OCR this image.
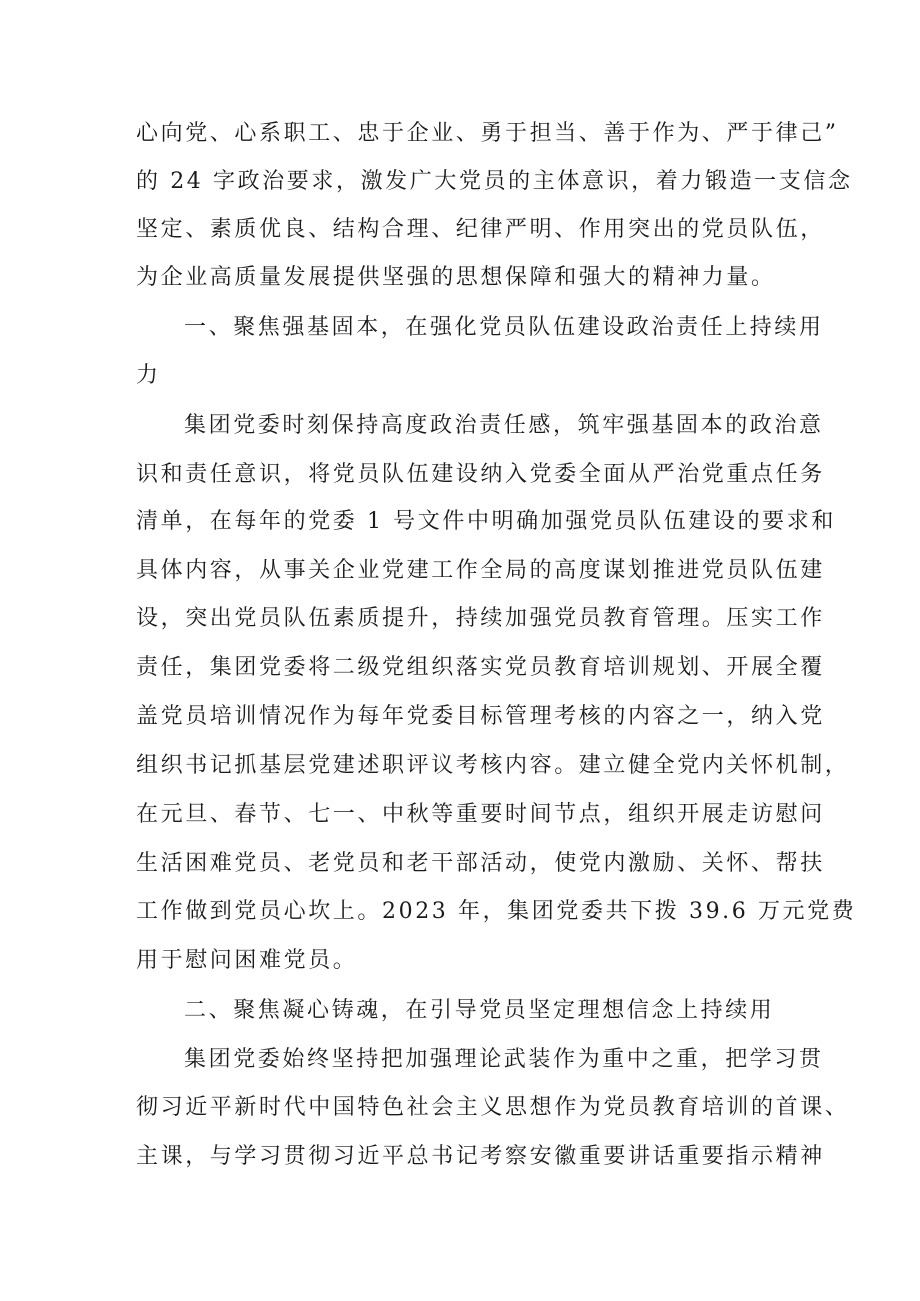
心向党、心系职工、忠于企业、勇于担当、善于作为、严于律己”
的 24 字政治要求，激发广大党员的主体意识，着力锻造一支信念
坚定、素质优良、结构合理、纪律严明、作用突出的党员队伍，
为企业高质量发展提供坚强的思想保障和强大的精神力量。
一、聚焦强基固本，在强化党员队伍建设政治责任上持续用
力
集团党委时刻保持高度政治责任感，筑牢强基固本的政治意
识和责任意识，将党员队伍建设纳入党委全面从严治党重点任务
清单，在每年的党委 1 号文件中明确加强党员队伍建设的要求和
具体内容，从事关企业党建工作全局的高度谋划推进党员队伍建
设，突出党员队伍素质提升，持续加强党员教育管理。压实工作
责任，集团党委将二级党组织落实党员教育培训规划、开展全覆
盖党员培训情况作为每年党委目标管理考核的内容之一，纳入党
组织书记抓基层党建述职评议考核内容。建立健全党内关怀机制，
在元旦、春节、七一、中秋等重要时间节点，组织开展走访慰问
生活困难党员、老党员和老干部活动，使党内激励、关怀、帮扶
工作做到党员心坎上。2023 年，集团党委共下拨 39.6 万元党费
用于慰问困难党员。
二、聚焦凝心铸魂，在引导党员坚定理想信念上持续用
集团党委始终坚持把加强理论武装作为重中之重，把学习贯
彻习近平新时代中国特色社会主义思想作为党员教育培训的首课、
主课，与学习贯彻习近平总书记考察安徽重要讲话重要指示精神
